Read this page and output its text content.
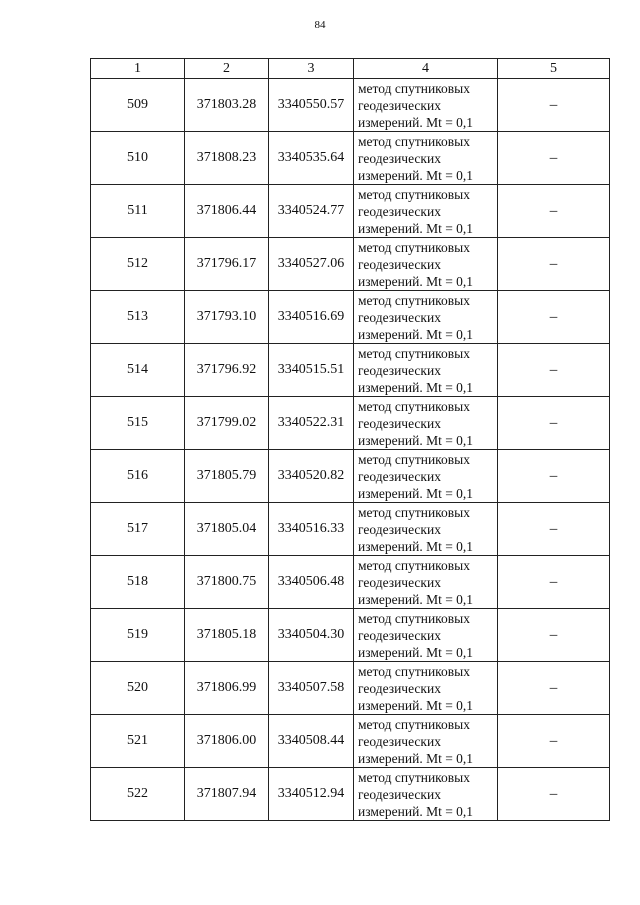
84
1	2	3	4	5
509	371803.28	3340550.57	метод спутниковых
геодезических
измерений. Mt = 0,1	–
510	371808.23	3340535.64	метод спутниковых
геодезических
измерений. Mt = 0,1	–
511	371806.44	3340524.77	метод спутниковых
геодезических
измерений. Mt = 0,1	–
512	371796.17	3340527.06	метод спутниковых
геодезических
измерений. Mt = 0,1	–
513	371793.10	3340516.69	метод спутниковых
геодезических
измерений. Mt = 0,1	–
514	371796.92	3340515.51	метод спутниковых
геодезических
измерений. Mt = 0,1	–
515	371799.02	3340522.31	метод спутниковых
геодезических
измерений. Mt = 0,1	–
516	371805.79	3340520.82	метод спутниковых
геодезических
измерений. Mt = 0,1	–
517	371805.04	3340516.33	метод спутниковых
геодезических
измерений. Mt = 0,1	–
518	371800.75	3340506.48	метод спутниковых
геодезических
измерений. Mt = 0,1	–
519	371805.18	3340504.30	метод спутниковых
геодезических
измерений. Mt = 0,1	–
520	371806.99	3340507.58	метод спутниковых
геодезических
измерений. Mt = 0,1	–
521	371806.00	3340508.44	метод спутниковых
геодезических
измерений. Mt = 0,1	–
522	371807.94	3340512.94	метод спутниковых
геодезических
измерений. Mt = 0,1	–
